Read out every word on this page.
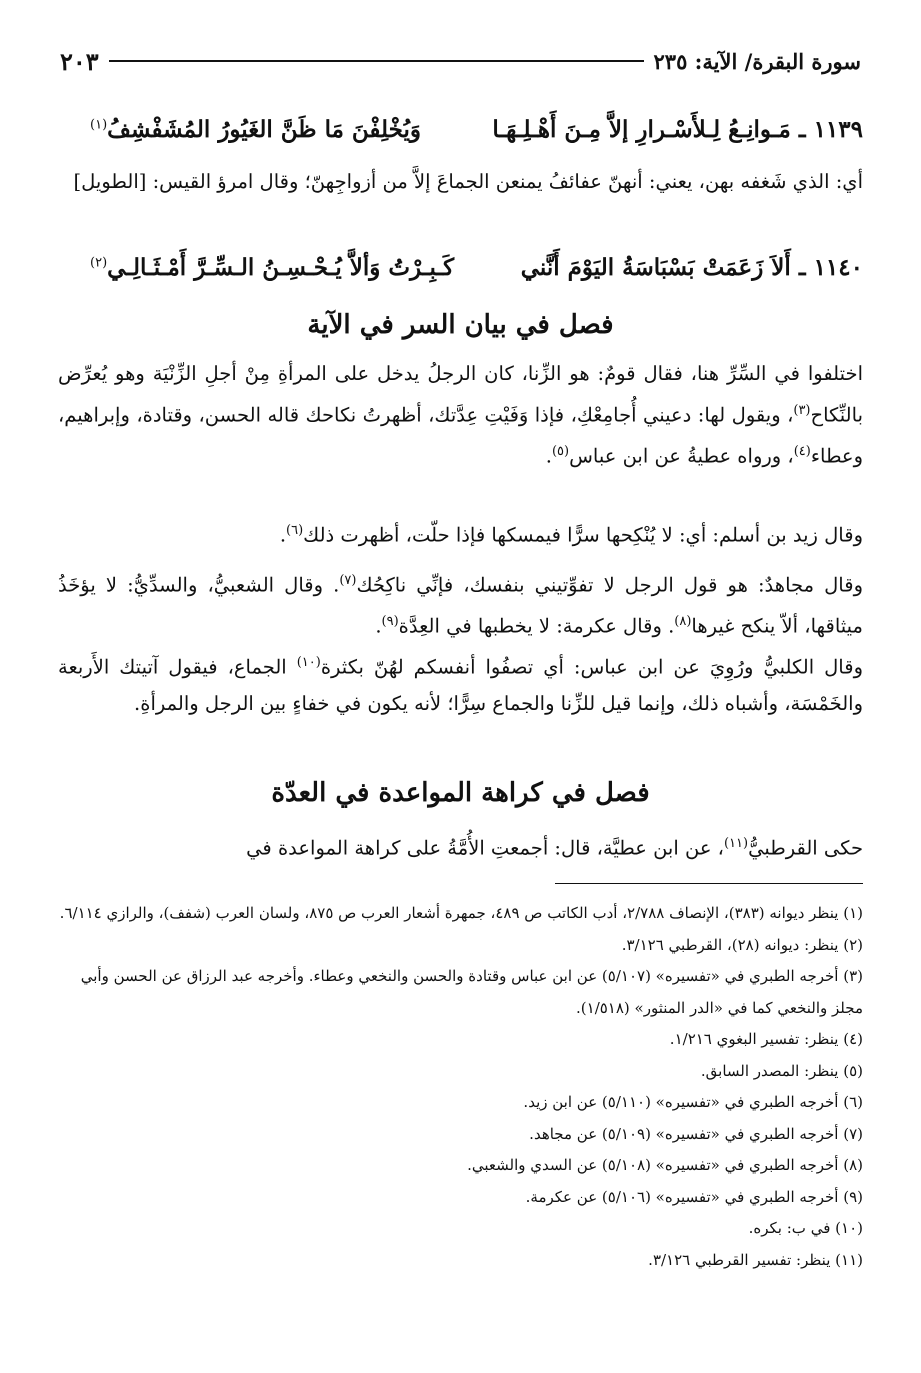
سورة البقرة/ الآية: ٢٣٥
٢٠٣
١١٣٩ ـ مَـوانِـعُ لِـلأَسْـرارِ إلاَّ مِـنَ أَهْـلِـهَـا
وَيُخْلِفْنَ مَا ظَنَّ الغَيُورُ المُشَفْشِفُ$^{(١)}$
أي: الذي شَغفه بهن، يعني: أنهنّ عفائفُ يمنعن الجماعَ إلاَّ من أزواجِهنّ؛ وقال امرؤ القيس: [الطويل]
١١٤٠ ـ أَلاَ زَعَمَتْ بَسْبَاسَةُ اليَوْمَ أَنَّني
كَـبِـرْتُ وَألاَّ يُـحْـسِـنُ الـسِّـرَّ أَمْـثَـالِـي$^{(٢)}$
فصل في بيان السر في الآية
اختلفوا في السِّرِّ هنا، فقال قومٌ: هو الزِّنا، كان الرجلُ يدخل على المرأةِ مِنْ أجلِ الزِّنْيَة وهو يُعرِّض بالنِّكاح$^{(٣)}$، ويقول لها: دعيني أُجامِعْكِ، فإذا وَفَيْتِ عِدَّتك، أظهرتُ نكاحك قاله الحسن، وقتادة، وإبراهيم، وعطاء$^{(٤)}$، ورواه عطيةُ عن ابن عباس$^{(٥)}$.
وقال زيد بن أسلم: أي: لا يُنْكِحها سرًّا فيمسكها فإذا حلّت، أظهرت ذلك$^{(٦)}$.
وقال مجاهدٌ: هو قول الرجل لا تفوِّتيني بنفسك، فإنِّي ناكِحُك$^{(٧)}$. وقال الشعبيُّ، والسدِّيُّ: لا يؤخَذُ ميثاقها، ألاّ ينكح غيرها$^{(٨)}$. وقال عكرمة: لا يخطبها في العِدَّة$^{(٩)}$.
وقال الكلبيُّ ورُوِيَ عن ابن عباس: أي تصفُوا أنفسكم لهُنّ بكثرة$^{(١٠)}$ الجماع، فيقول آتيتك الأَربعة والخَمْسَة، وأشباه ذلك، وإنما قيل للزِّنا والجماع سِرًّا؛ لأنه يكون في خفاءٍ بين الرجل والمرأةِ.
فصل في كراهة المواعدة في العدّة
حكى القرطبيُّ$^{(١١)}$، عن ابن عطيَّة، قال: أجمعتِ الأُمَّةُ على كراهة المواعدة في
(١) ينظر ديوانه (٣٨٣)، الإنصاف ٢/٧٨٨، أدب الكاتب ص ٤٨٩، جمهرة أشعار العرب ص ٨٧٥، ولسان العرب (شفف)، والرازي ٦/١١٤.
(٢) ينظر: ديوانه (٢٨)، القرطبي ٣/١٢٦.
(٣) أخرجه الطبري في «تفسيره» (٥/١٠٧) عن ابن عباس وقتادة والحسن والنخعي وعطاء. وأخرجه عبد الرزاق عن الحسن وأبي مجلز والنخعي كما في «الدر المنثور» (١/٥١٨).
(٤) ينظر: تفسير البغوي ١/٢١٦.
(٥) ينظر: المصدر السابق.
(٦) أخرجه الطبري في «تفسيره» (٥/١١٠) عن ابن زيد.
(٧) أخرجه الطبري في «تفسيره» (٥/١٠٩) عن مجاهد.
(٨) أخرجه الطبري في «تفسيره» (٥/١٠٨) عن السدي والشعبي.
(٩) أخرجه الطبري في «تفسيره» (٥/١٠٦) عن عكرمة.
(١٠) في ب: بكره.
(١١) ينظر: تفسير القرطبي ٣/١٢٦.
